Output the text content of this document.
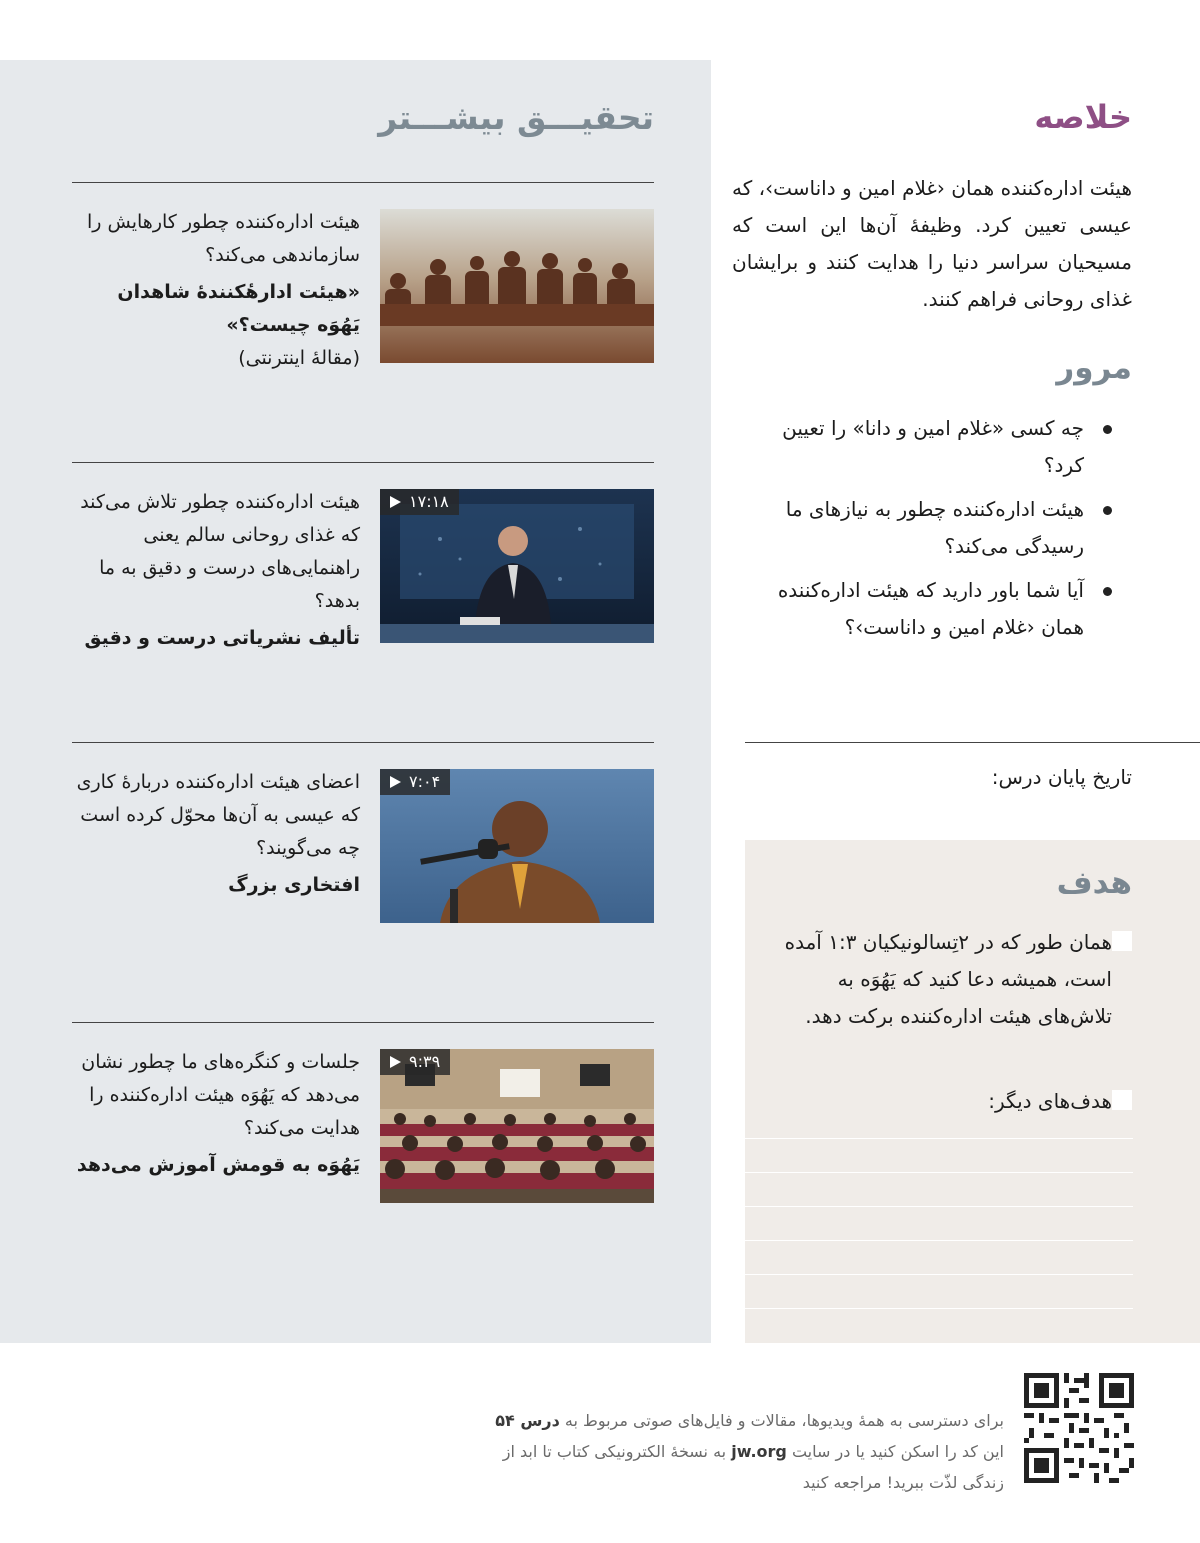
تحقیـــق بیشـــتر

هیئت اداره‌کننده چطور کارهایش را سازماندهی می‌کند؟

«هیئت ادارهٔکنندهٔ شاهدان یَهُوَه چیست؟»

(مقالهٔ اینترنتی)

۱۷:۱۸

هیئت اداره‌کننده چطور تلاش می‌کند که غذای روحانی سالم یعنی راهنمایی‌های درست و دقیق به ما بدهد؟

تألیف نشریاتی درست و دقیق

۷:۰۴

اعضای هیئت اداره‌کننده دربارهٔ کاری که عیسی به آن‌ها محوّل کرده است چه می‌گویند؟

افتخاری بزرگ

۹:۳۹

جلسات و کنگره‌های ما چطور نشان می‌دهد که یَهُوَه هیئت اداره‌کننده را هدایت می‌کند؟

یَهُوَه به قومش آموزش می‌دهد

خلاصه

هیئت اداره‌کننده همان ‹غلام امین و داناست›، که عیسی تعیین کرد. وظیفهٔ آن‌ها این است که مسیحیان سراسر دنیا را هدایت کنند و برایشان غذای روحانی فراهم کنند.

مرور
چه کسی «غلام امین و دانا» را تعیین کرد؟
هیئت اداره‌کننده چطور به نیازهای ما رسیدگی می‌کند؟
آیا شما باور دارید که هیئت اداره‌کننده همان ‹غلام امین و داناست›؟

تاریخ پایان درس:

هدف

همان طور که در ۲تِسالونیکیان ۱:۳ آمده است، همیشه دعا کنید که یَهُوَه به تلاش‌های هیئت اداره‌کننده برکت دهد.

هدف‌های دیگر:

برای دسترسی به همهٔ ویدیوها، مقالات و فایل‌های صوتی مربوط به درس ۵۴ این کد را اسکن کنید یا در سایت jw.org به نسخهٔ الکترونیکی کتاب تا ابد از زندگی لذّت ببرید! مراجعه کنید
